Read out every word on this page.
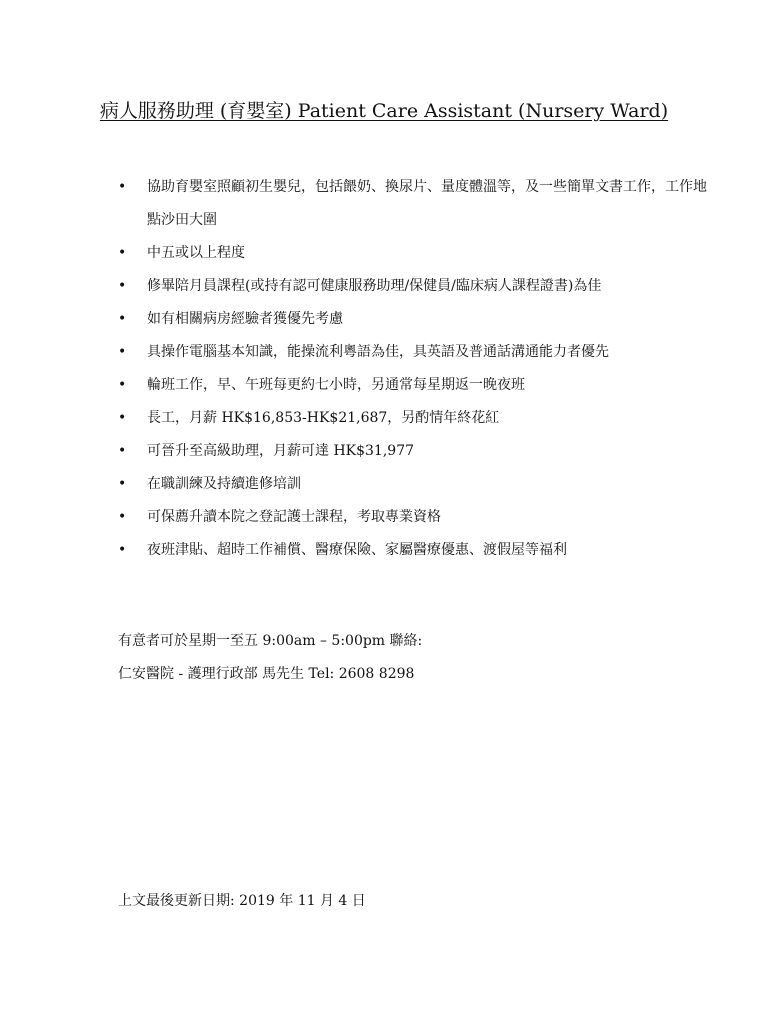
病人服務助理 (育嬰室) Patient Care Assistant (Nursery Ward)
• 協助育嬰室照顧初生嬰兒，包括餵奶、換尿片、量度體溫等，及一些簡單文書工作，工作地點沙田大圍
• 中五或以上程度
• 修畢陪月員課程(或持有認可健康服務助理/保健員/臨床病人課程證書)為佳
• 如有相關病房經驗者獲優先考慮
• 具操作電腦基本知識，能操流利粵語為佳，具英語及普通話溝通能力者優先
• 輪班工作，早、午班每更約七小時，另通常每星期返一晚夜班
• 長工，月薪 HK$16,853-HK$21,687，另酌情年終花紅
• 可晉升至高級助理，月薪可達 HK$31,977
• 在職訓練及持續進修培訓
• 可保薦升讀本院之登記護士課程，考取專業資格
• 夜班津貼、超時工作補償、醫療保險、家屬醫療優惠、渡假屋等福利
有意者可於星期一至五 9:00am – 5:00pm 聯絡:
仁安醫院 - 護理行政部 馬先生 Tel: 2608 8298
上文最後更新日期: 2019 年 11 月 4 日
